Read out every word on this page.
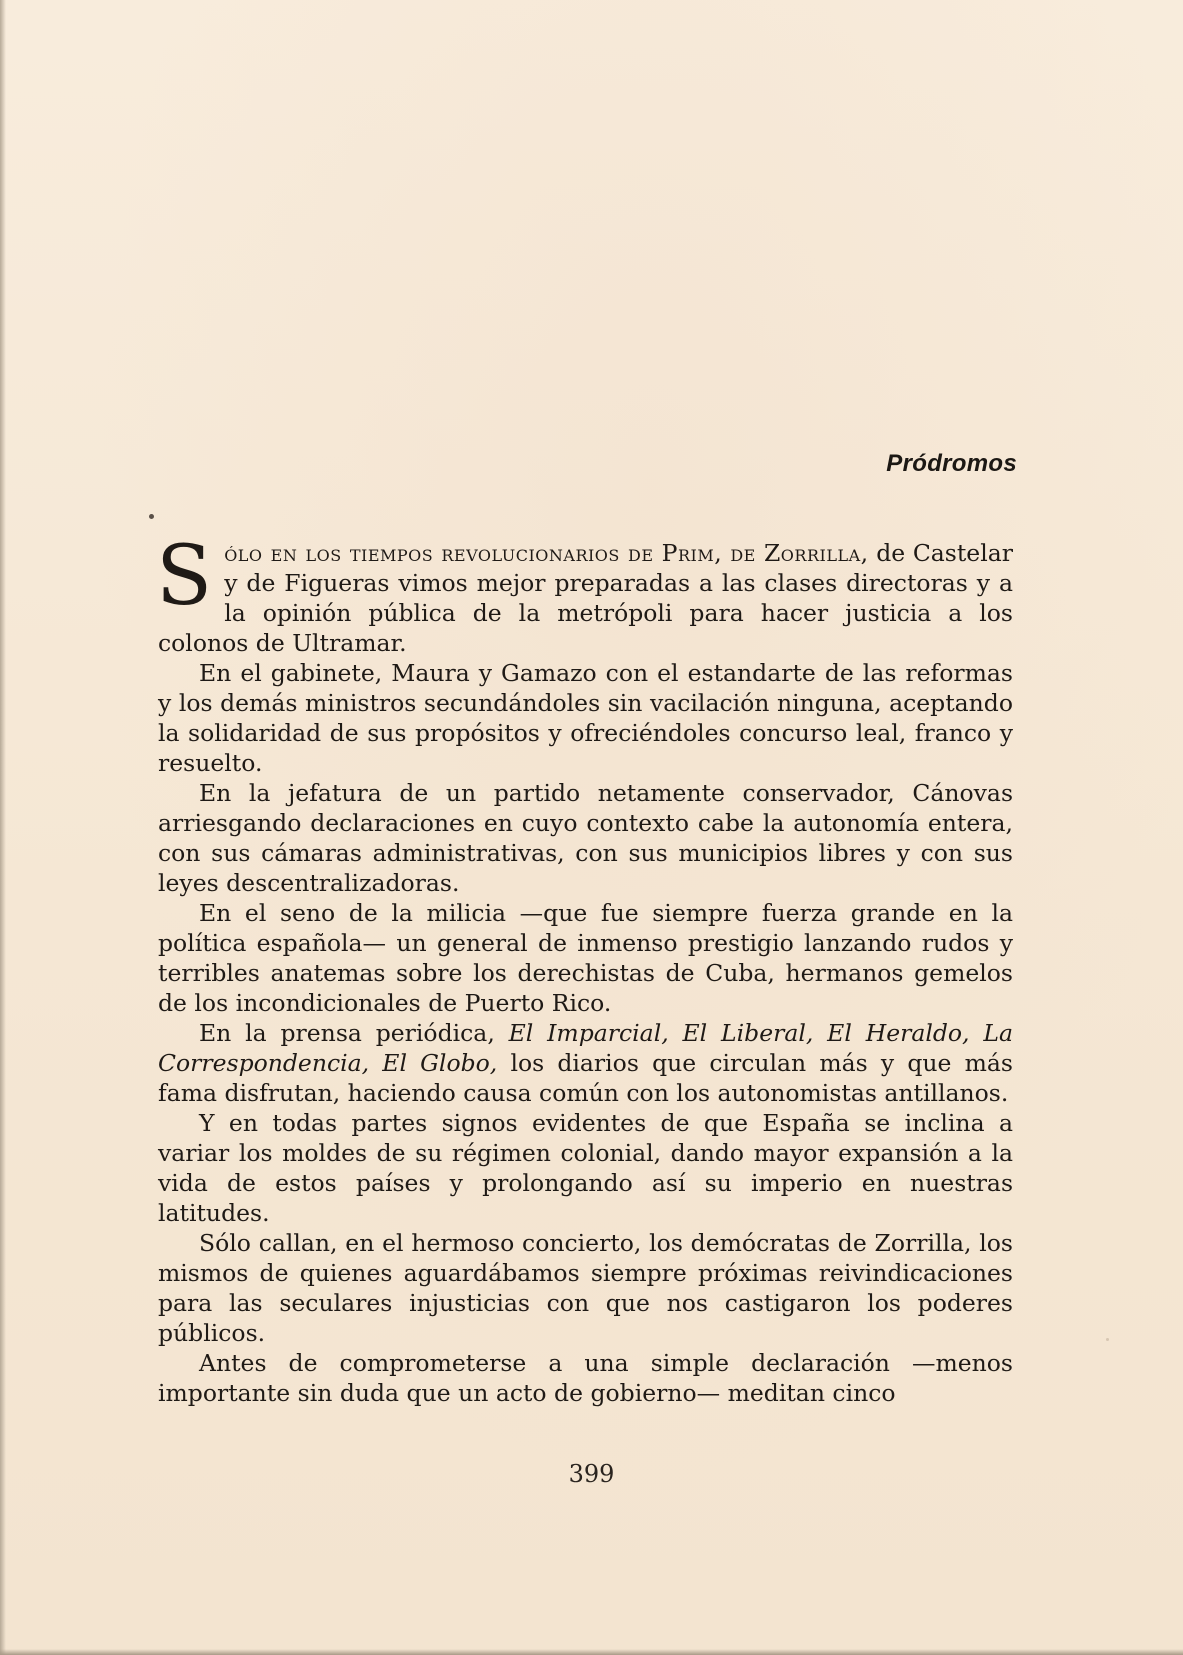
Pródromos

Sólo en los tiempos revolucionarios de Prim, de Zorrilla, de Castelar y de Figueras vimos mejor preparadas a las clases directoras y a la opinión pública de la metrópoli para hacer justicia a los colonos de Ultramar.

En el gabinete, Maura y Gamazo con el estandarte de las reformas y los demás ministros secundándoles sin vacilación ninguna, aceptando la solidaridad de sus propósitos y ofreciéndoles concurso leal, franco y resuelto.

En la jefatura de un partido netamente conservador, Cánovas arriesgando declaraciones en cuyo contexto cabe la autonomía entera, con sus cámaras administrativas, con sus municipios libres y con sus leyes descentralizadoras.

En el seno de la milicia —que fue siempre fuerza grande en la política española— un general de inmenso prestigio lanzando rudos y terribles anatemas sobre los derechistas de Cuba, hermanos gemelos de los incondicionales de Puerto Rico.

En la prensa periódica, El Imparcial, El Liberal, El Heraldo, La Correspondencia, El Globo, los diarios que circulan más y que más fama disfrutan, haciendo causa común con los autonomistas antillanos.

Y en todas partes signos evidentes de que España se inclina a variar los moldes de su régimen colonial, dando mayor expansión a la vida de estos países y prolongando así su imperio en nuestras latitudes.

Sólo callan, en el hermoso concierto, los demócratas de Zorrilla, los mismos de quienes aguardábamos siempre próximas reivindicaciones para las seculares injusticias con que nos castigaron los poderes públicos.

Antes de comprometerse a una simple declaración —menos importante sin duda que un acto de gobierno— meditan cinco

399
